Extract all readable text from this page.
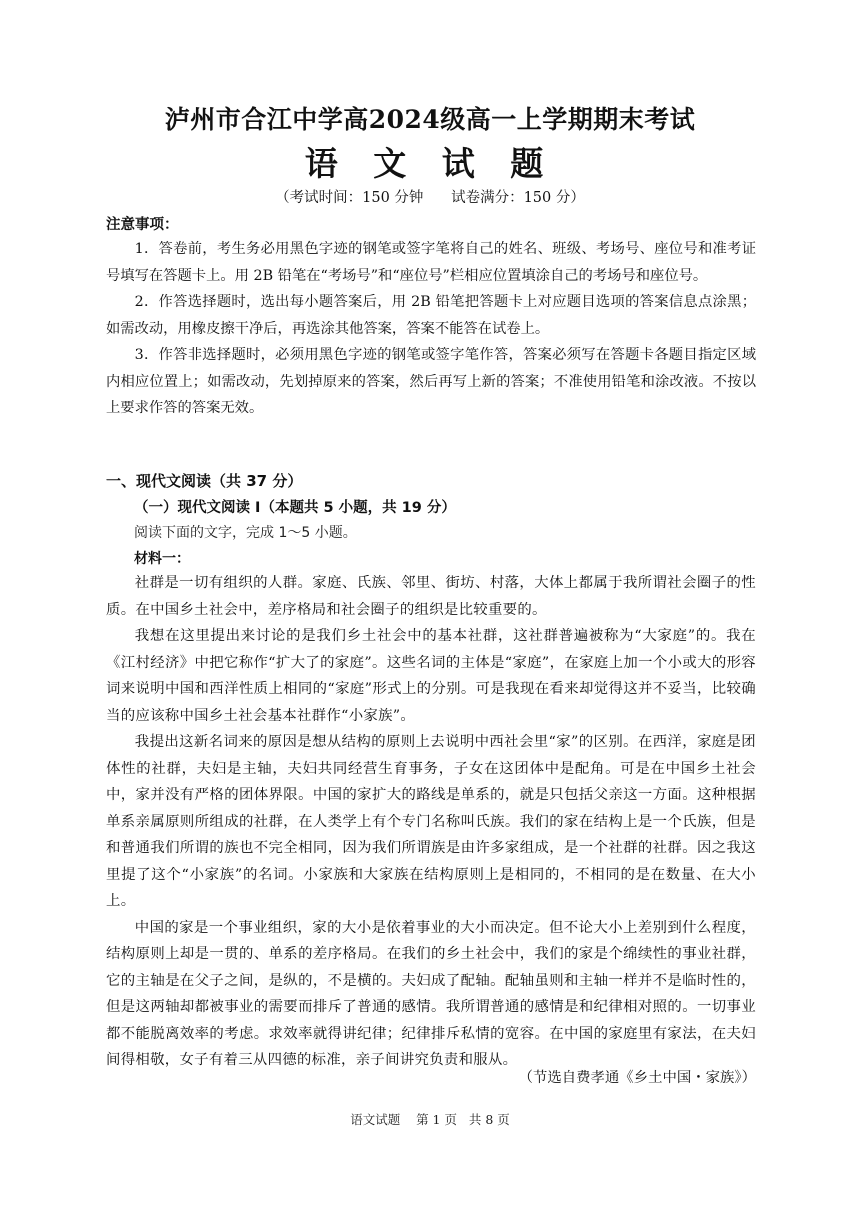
泸州市合江中学高2024级高一上学期期末考试
语 文 试 题
（考试时间：150 分钟      试卷满分：150 分）
注意事项：

1．答卷前，考生务必用黑色字迹的钢笔或签字笔将自己的姓名、班级、考场号、座位号和准考证号填写在答题卡上。用 2B 铅笔在“考场号”和“座位号”栏相应位置填涂自己的考场号和座位号。

2．作答选择题时，选出每小题答案后，用 2B 铅笔把答题卡上对应题目选项的答案信息点涂黑；如需改动，用橡皮擦干净后，再选涂其他答案，答案不能答在试卷上。

3．作答非选择题时，必须用黑色字迹的钢笔或签字笔作答，答案必须写在答题卡各题目指定区域内相应位置上；如需改动，先划掉原来的答案，然后再写上新的答案；不准使用铅笔和涂改液。不按以上要求作答的答案无效。

一、现代文阅读（共 37 分）
（一）现代文阅读 I（本题共 5 小题，共 19 分）
阅读下面的文字，完成 1～5 小题。
材料一：

社群是一切有组织的人群。家庭、氏族、邻里、街坊、村落，大体上都属于我所谓社会圈子的性质。在中国乡土社会中，差序格局和社会圈子的组织是比较重要的。

我想在这里提出来讨论的是我们乡土社会中的基本社群，这社群普遍被称为“大家庭”的。我在《江村经济》中把它称作“扩大了的家庭”。这些名词的主体是“家庭”，在家庭上加一个小或大的形容词来说明中国和西洋性质上相同的“家庭”形式上的分别。可是我现在看来却觉得这并不妥当，比较确当的应该称中国乡土社会基本社群作“小家族”。

我提出这新名词来的原因是想从结构的原则上去说明中西社会里“家”的区别。在西洋，家庭是团体性的社群，夫妇是主轴，夫妇共同经营生育事务，子女在这团体中是配角。可是在中国乡土社会中，家并没有严格的团体界限。中国的家扩大的路线是单系的，就是只包括父亲这一方面。这种根据单系亲属原则所组成的社群，在人类学上有个专门名称叫氏族。我们的家在结构上是一个氏族，但是和普通我们所谓的族也不完全相同，因为我们所谓族是由许多家组成，是一个社群的社群。因之我这里提了这个“小家族”的名词。小家族和大家族在结构原则上是相同的，不相同的是在数量、在大小上。

中国的家是一个事业组织，家的大小是依着事业的大小而决定。但不论大小上差别到什么程度，结构原则上却是一贯的、单系的差序格局。在我们的乡土社会中，我们的家是个绵续性的事业社群，它的主轴是在父子之间，是纵的，不是横的。夫妇成了配轴。配轴虽则和主轴一样并不是临时性的，但是这两轴却都被事业的需要而排斥了普通的感情。我所谓普通的感情是和纪律相对照的。一切事业都不能脱离效率的考虑。求效率就得讲纪律；纪律排斥私情的宽容。在中国的家庭里有家法，在夫妇间得相敬，女子有着三从四德的标准，亲子间讲究负责和服从。

（节选自费孝通《乡土中国・家族》）
语文试题    第 1 页   共 8 页
